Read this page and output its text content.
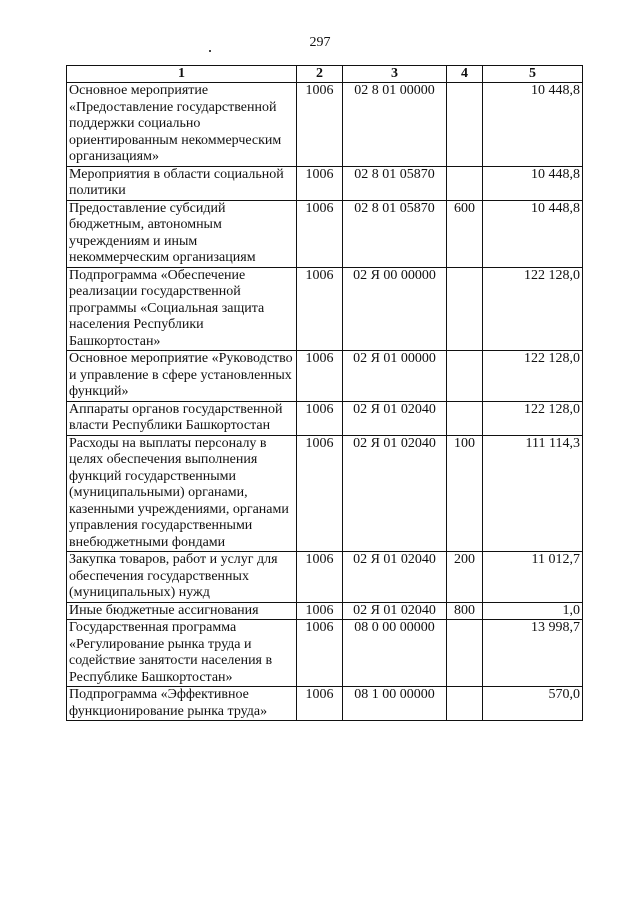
297
1	2	3	4	5
Основное мероприятие «Предоставление государственной поддержки социально ориентированным некоммерческим организациям»	1006	02 8 01 00000		10 448,8
Мероприятия в области социальной политики	1006	02 8 01 05870		10 448,8
Предоставление субсидий бюджетным, автономным учреждениям и иным некоммерческим организациям	1006	02 8 01 05870	600	10 448,8
Подпрограмма «Обеспечение реализации государственной программы «Социальная защита населения Республики Башкортостан»	1006	02 Я 00 00000		122 128,0
Основное мероприятие «Руководство и управление в сфере установленных функций»	1006	02 Я 01 00000		122 128,0
Аппараты органов государственной власти Республики Башкортостан	1006	02 Я 01 02040		122 128,0
Расходы на выплаты персоналу в целях обеспечения выполнения функций государственными (муниципальными) органами, казенными учреждениями, органами управления государственными внебюджетными фондами	1006	02 Я 01 02040	100	111 114,3
Закупка товаров, работ и услуг для обеспечения государственных (муниципальных) нужд	1006	02 Я 01 02040	200	11 012,7
Иные бюджетные ассигнования	1006	02 Я 01 02040	800	1,0
Государственная программа «Регулирование рынка труда и содействие занятости населения в Республике Башкортостан»	1006	08 0 00 00000		13 998,7
Подпрограмма «Эффективное функционирование рынка труда»	1006	08 1 00 00000		570,0
